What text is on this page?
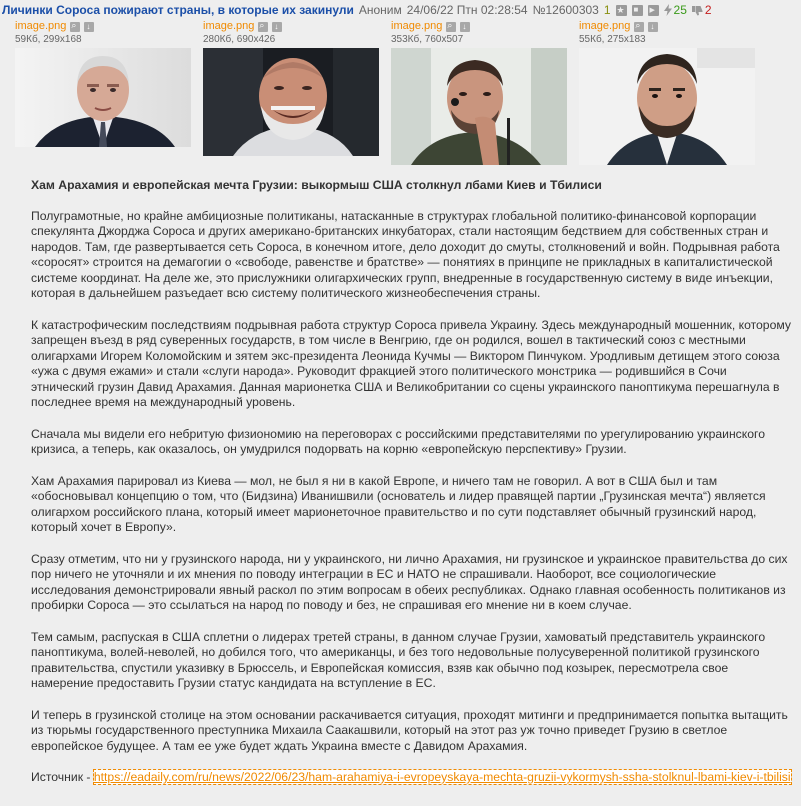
Личинки Сороса пожирают страны, в которые их закинули Аноним 24/06/22 Птн 02:28:54 №12600303 1 ★ ■ ▶	25 2
image.png
⌕
↓
59Кб, 299x168
image.png
⌕
↓
280Кб, 690x426
image.png
⌕
↓
353Кб, 760x507
image.png
⌕
↓
55Кб, 275x183

Хам Арахамия и европейская мечта Грузии: выкормыш США столкнул лбами Киев и Тбилиси

Полуграмотные, но крайне амбициозные политиканы, натасканные в структурах глобальной политико-финансовой корпорации спекулянта Джорджа Сороса и других американо-британских инкубаторах, стали настоящим бедствием для собственных стран и народов. Там, где развертывается сеть Сороса, в конечном итоге, дело доходит до смуты, столкновений и войн. Подрывная работа «соросят» строится на демагогии о «свободе, равенстве и братстве» — понятиях в принципе не прикладных в капиталистической системе координат. На деле же, это прислужники олигархических групп, внедренные в государственную систему в виде инъекции, которая в дальнейшем разъедает всю систему политического жизнеобеспечения страны.

К катастрофическим последствиям подрывная работа структур Сороса привела Украину. Здесь международный мошенник, которому запрещен въезд в ряд суверенных государств, в том числе в Венгрию, где он родился, вошел в тактический союз с местными олигархами Игорем Коломойским и зятем экс-президента Леонида Кучмы — Виктором Пинчуком. Уродливым детищем этого союза «ужа с двумя ежами» и стали «слуги народа». Руководит фракцией этого политического монстрика — родившийся в Сочи этнический грузин Давид Арахамия. Данная марионетка США и Великобритании со сцены украинского паноптикума перешагнула в последнее время на международный уровень.

Сначала мы видели его небритую физиономию на переговорах с российскими представителями по урегулированию украинского кризиса, а теперь, как оказалось, он умудрился подорвать на корню «европейскую перспективу» Грузии.

Хам Арахамия парировал из Киева — мол, не был я ни в какой Европе, и ничего там не говорил. А вот в США был и там «обосновывал концепцию о том, что (Бидзина) Иванишвили (основатель и лидер правящей партии „Грузинская мечта“) является олигархом российского плана, который имеет марионеточное правительство и по сути подставляет обычный грузинский народ, который хочет в Европу».

Сразу отметим, что ни у грузинского народа, ни у украинского, ни лично Арахамия, ни грузинское и украинское правительства до сих пор ничего не уточняли и их мнения по поводу интеграции в ЕС и НАТО не спрашивали. Наоборот, все социологические исследования демонстрировали явный раскол по этим вопросам в обеих республиках. Однако главная особенность политиканов из пробирки Сороса — это ссылаться на народ по поводу и без, не спрашивая его мнение ни в коем случае.

Тем самым, распуская в США сплетни о лидерах третей страны, в данном случае Грузии, хамоватый представитель украинского паноптикума, волей-неволей, но добился того, что американцы, и без того недовольные полусуверенной политикой грузинского правительства, спустили указивку в Брюссель, и Европейская комиссия, взяв как обычно под козырек, пересмотрела свое намерение предоставить Грузии статус кандидата на вступление в ЕС.

И теперь в грузинской столице на этом основании раскачивается ситуация, проходят митинги и предпринимается попытка вытащить из тюрьмы государственного преступника Михаила Саакашвили, который на этот раз уж точно приведет Грузию в светлое европейское будущее. А там ее уже будет ждать Украина вместе с Давидом Арахамия.

Источник - https://eadaily.com/ru/news/2022/06/23/ham-arahamiya-i-evropeyskaya-mechta-gruzii-vykormysh-ssha-stolknul-lbami-kiev-i-tbilisi
